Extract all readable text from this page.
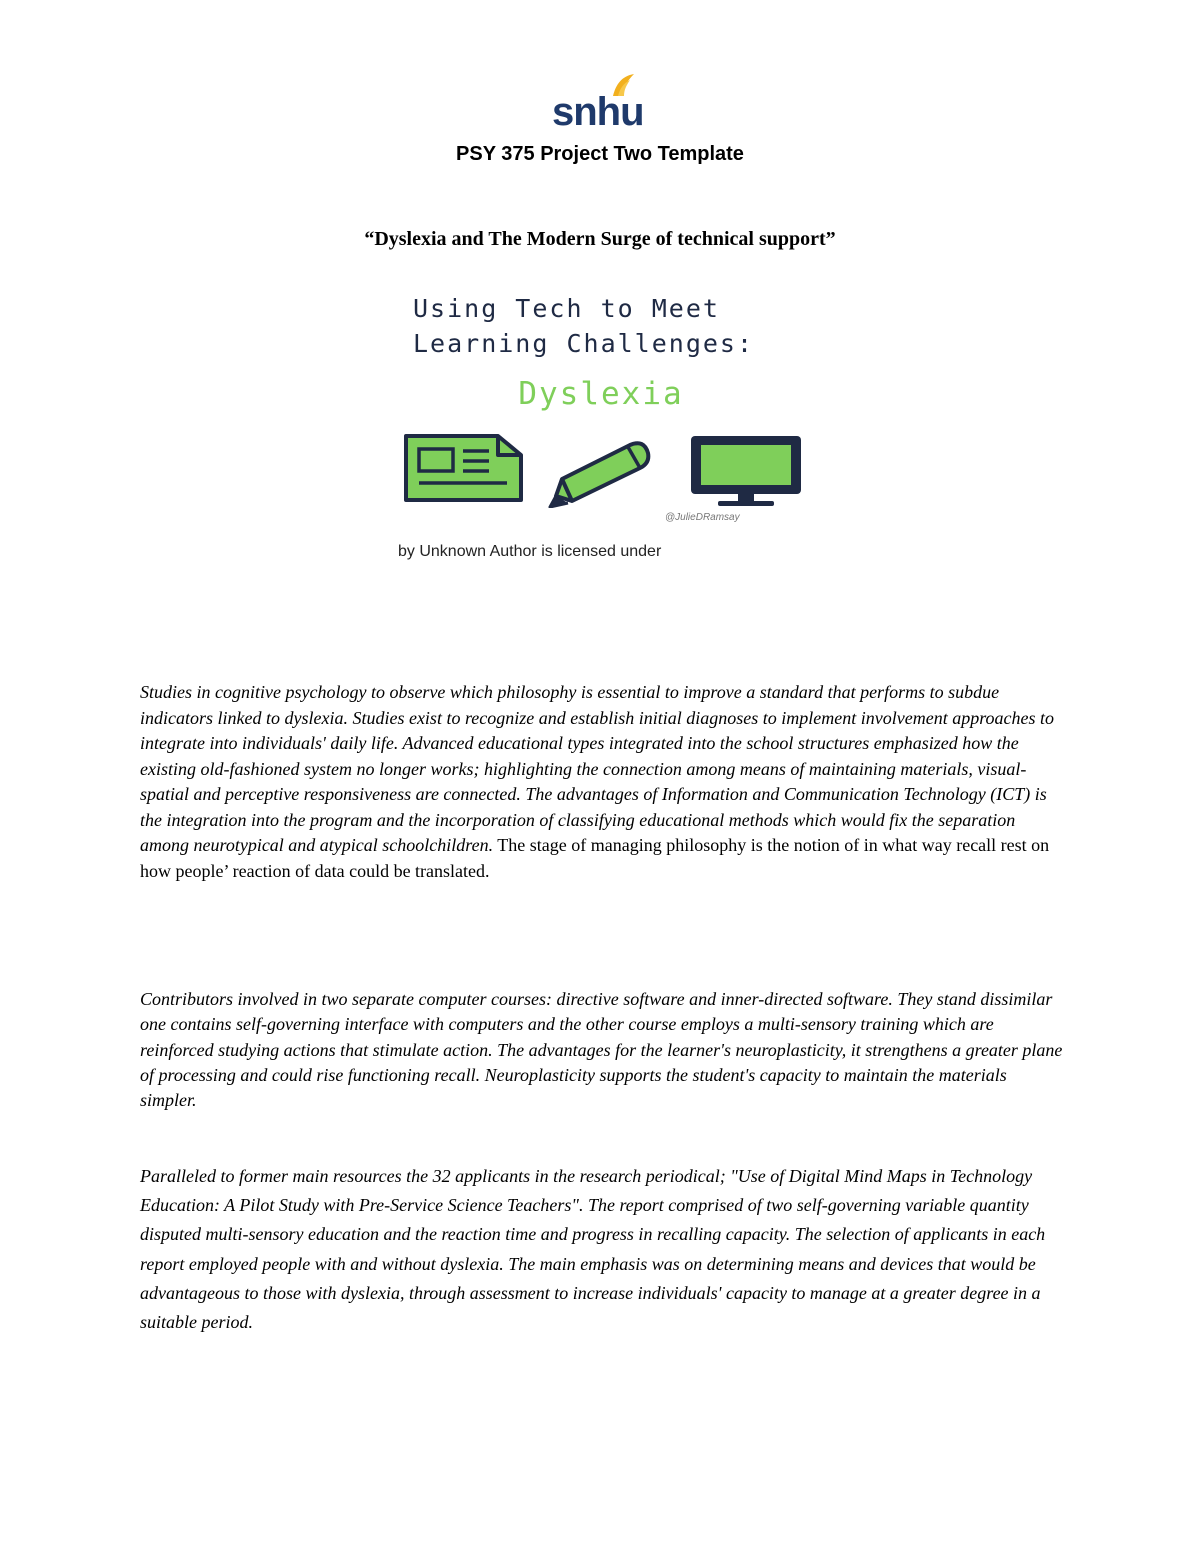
snhu
PSY 375 Project Two Template
“Dyslexia and The Modern Surge of technical support”
Using Tech to Meet
Learning Challenges:
Dyslexia
@JulieDRamsay
by Unknown Author is licensed under

Studies in cognitive psychology to observe which philosophy is essential to improve a standard that performs to subdue indicators linked to dyslexia. Studies exist to recognize and establish initial diagnoses to implement involvement approaches to integrate into individuals' daily life. Advanced educational types integrated into the school structures emphasized how the existing old-fashioned system no longer works; highlighting the connection among means of maintaining materials, visual-spatial and perceptive responsiveness are connected. The advantages of Information and Communication Technology (ICT) is the integration into the program and the incorporation of classifying educational methods which would fix the separation among neurotypical and atypical schoolchildren. The stage of managing philosophy is the notion of in what way recall rest on how people’ reaction of data could be translated.

Contributors involved in two separate computer courses: directive software and inner-directed software. They stand dissimilar one contains self-governing interface with computers and the other course employs a multi-sensory training which are reinforced studying actions that stimulate action. The advantages for the learner's neuroplasticity, it strengthens a greater plane of processing and could rise functioning recall. Neuroplasticity supports the student's capacity to maintain the materials simpler.

Paralleled to former main resources the 32 applicants in the research periodical; "Use of Digital Mind Maps in Technology Education: A Pilot Study with Pre-Service Science Teachers". The report comprised of two self-governing variable quantity disputed multi-sensory education and the reaction time and progress in recalling capacity. The selection of applicants in each report employed people with and without dyslexia. The main emphasis was on determining means and devices that would be advantageous to those with dyslexia, through assessment to increase individuals' capacity to manage at a greater degree in a suitable period.
